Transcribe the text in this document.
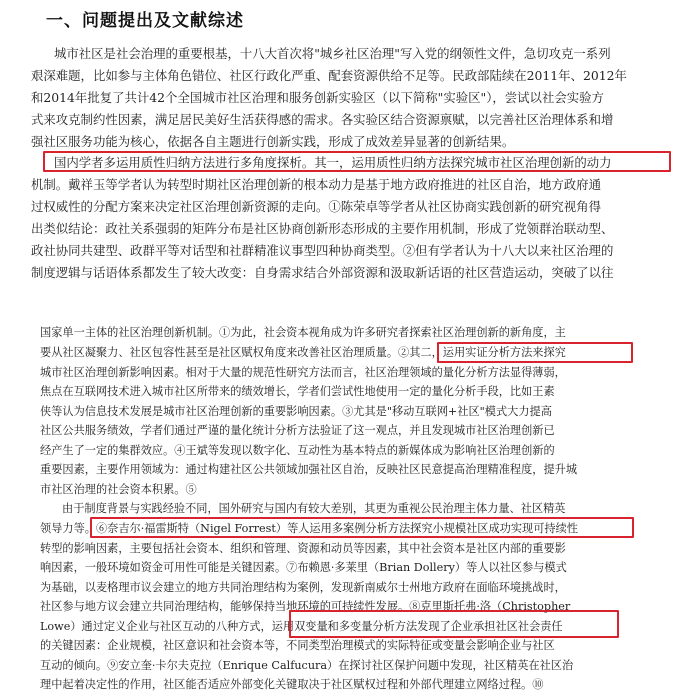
一、问题提出及文献综述
城市社区是社会治理的重要根基，十八大首次将"城乡社区治理"写入党的纲领性文件，急切攻克一系列
艰深难题，比如参与主体角色错位、社区行政化严重、配套资源供给不足等。民政部陆续在2011年、2012年
和2014年批复了共计42个全国城市社区治理和服务创新实验区（以下简称"实验区"），尝试以社会实验方
式来攻克制约性因素，满足居民美好生活获得感的需求。各实验区结合资源禀赋，以完善社区治理体系和增
强社区服务功能为核心，依据各自主题进行创新实践，形成了成效差异显著的创新结果。
国内学者多运用质性归纳方法进行多角度探析。其一，运用质性归纳方法探究城市社区治理创新的动力
机制。戴祥玉等学者认为转型时期社区治理创新的根本动力是基于地方政府推进的社区自治，地方政府通
过权威性的分配方案来决定社区治理创新资源的走向。①陈荣卓等学者从社区协商实践创新的研究视角得
出类似结论：政社关系强弱的矩阵分布是社区协商创新形态形成的主要作用机制，形成了党领群治联动型、
政社协同共建型、政群平等对话型和社群精准议事型四种协商类型。②但有学者认为十八大以来社区治理的
制度逻辑与话语体系都发生了较大改变：自身需求结合外部资源和汲取新话语的社区营造运动，突破了以往
国家单一主体的社区治理创新机制。①为此，社会资本视角成为许多研究者探索社区治理创新的新角度，主
要从社区凝聚力、社区包容性甚至是社区赋权角度来改善社区治理质量。②其二，运用实证分析方法来探究
城市社区治理创新影响因素。相对于大量的规范性研究方法而言，社区治理领域的量化分析方法显得薄弱，
焦点在互联网技术进入城市社区所带来的绩效增长，学者们尝试性地使用一定的量化分析手段，比如王素
侠等认为信息技术发展是城市社区治理创新的重要影响因素。③尤其是"移动互联网+社区"模式大力提高
社区公共服务绩效，学者们通过严谨的量化统计分析方法验证了这一观点，并且发现城市社区治理创新已
经产生了一定的集群效应。④王斌等发现以数字化、互动性为基本特点的新媒体成为影响社区治理创新的
重要因素，主要作用领域为：通过构建社区公共领域加强社区自治，反映社区民意提高治理精准程度，提升城
市社区治理的社会资本积累。⑤
由于制度背景与实践经验不同，国外研究与国内有较大差别，其更为重视公民治理主体力量、社区精英
领导力等。⑥奈吉尔·福雷斯特（Nigel Forrest）等人运用多案例分析方法探究小规模社区成功实现可持续性
转型的影响因素，主要包括社会资本、组织和管理、资源和动员等因素，其中社会资本是社区内部的重要影
响因素，一般环境如资金可用性可能是关键因素。⑦布赖恩·多莱里（Brian Dollery）等人以社区参与模式
为基础，以麦格理市议会建立的地方共同治理结构为案例，发现新南威尔士州地方政府在面临环境挑战时，
社区参与地方议会建立共同治理结构，能够保持当地环境的可持续性发展。⑧克里斯托弗·洛（Christopher
Lowe）通过定义企业与社区互动的八种方式，运用双变量和多变量分析方法发现了企业承担社区社会责任
的关键因素：企业规模，社区意识和社会资本等，不同类型治理模式的实际特征或变量会影响企业与社区
互动的倾向。⑨安立奎·卡尔夫克拉（Enrique Calfucura）在探讨社区保护问题中发现，社区精英在社区治
理中起着决定性的作用，社区能否适应外部变化关键取决于社区赋权过程和外部代理建立网络过程。⑩
